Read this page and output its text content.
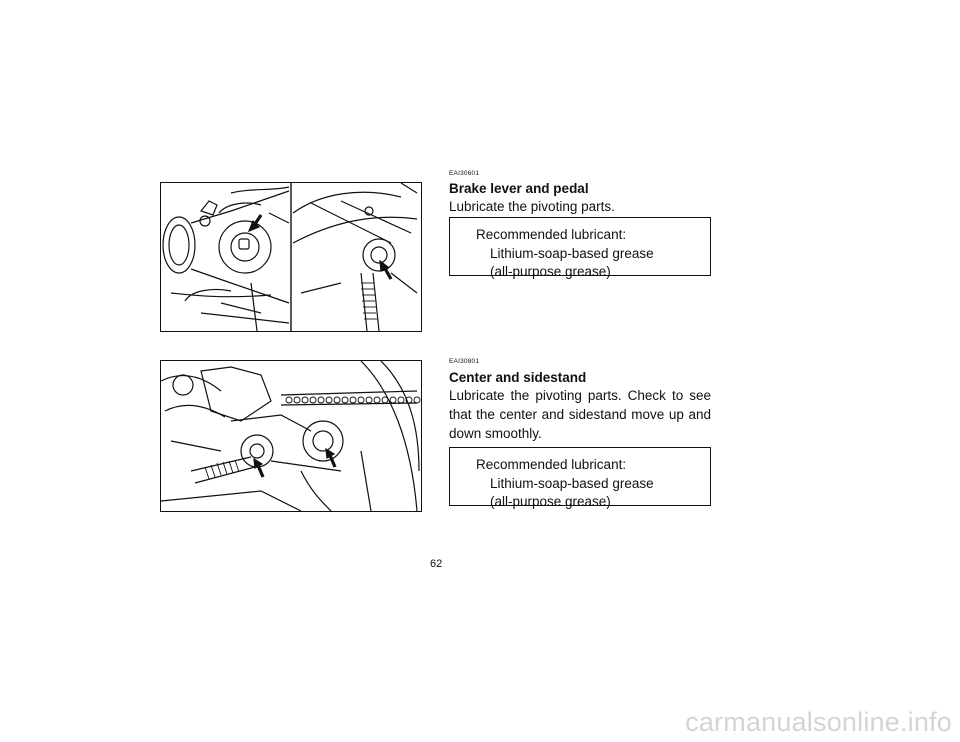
EAI30601
Brake lever and pedal
Lubricate the pivoting parts.
Recommended lubricant:
Lithium-soap-based grease
(all-purpose grease)
EAI30801
Center and sidestand
Lubricate the pivoting parts. Check to see that the center and sidestand move up and down smoothly.
Recommended lubricant:
Lithium-soap-based grease
(all-purpose grease)
62
carmanualsonline.info
